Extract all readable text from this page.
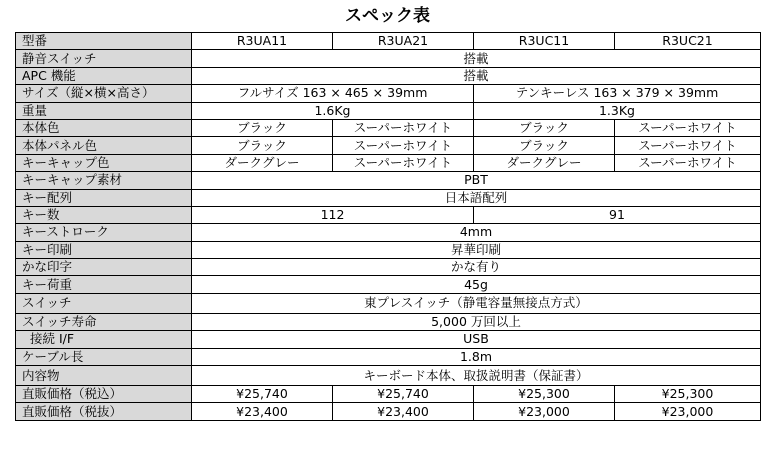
スペック表
型番	R3UA11	R3UA21	R3UC11	R3UC21
静音スイッチ	搭載			
APC 機能	搭載			
サイズ（縦×横×高さ）	フルサイズ 163 × 465 × 39mm		テンキーレス 163 × 379 × 39mm	
重量	1.6Kg		1.3Kg	
本体色	ブラック	スーパーホワイト	ブラック	スーパーホワイト
本体パネル色	ブラック	スーパーホワイト	ブラック	スーパーホワイト
キーキャップ色	ダークグレー	スーパーホワイト	ダークグレー	スーパーホワイト
キーキャップ素材	PBT			
キー配列	日本語配列			
キー数	112		91	
キーストローク	4mm			
キー印刷	昇華印刷			
かな印字	かな有り			
キー荷重	45g			
スイッチ	東プレスイッチ（静電容量無接点方式）			
スイッチ寿命	5,000 万回以上			
接続 I/F	USB			
ケーブル長	1.8m			
内容物	キーボード本体、取扱説明書（保証書）			
直販価格（税込）	¥25,740	¥25,740	¥25,300	¥25,300
直販価格（税抜）	¥23,400	¥23,400	¥23,000	¥23,000
